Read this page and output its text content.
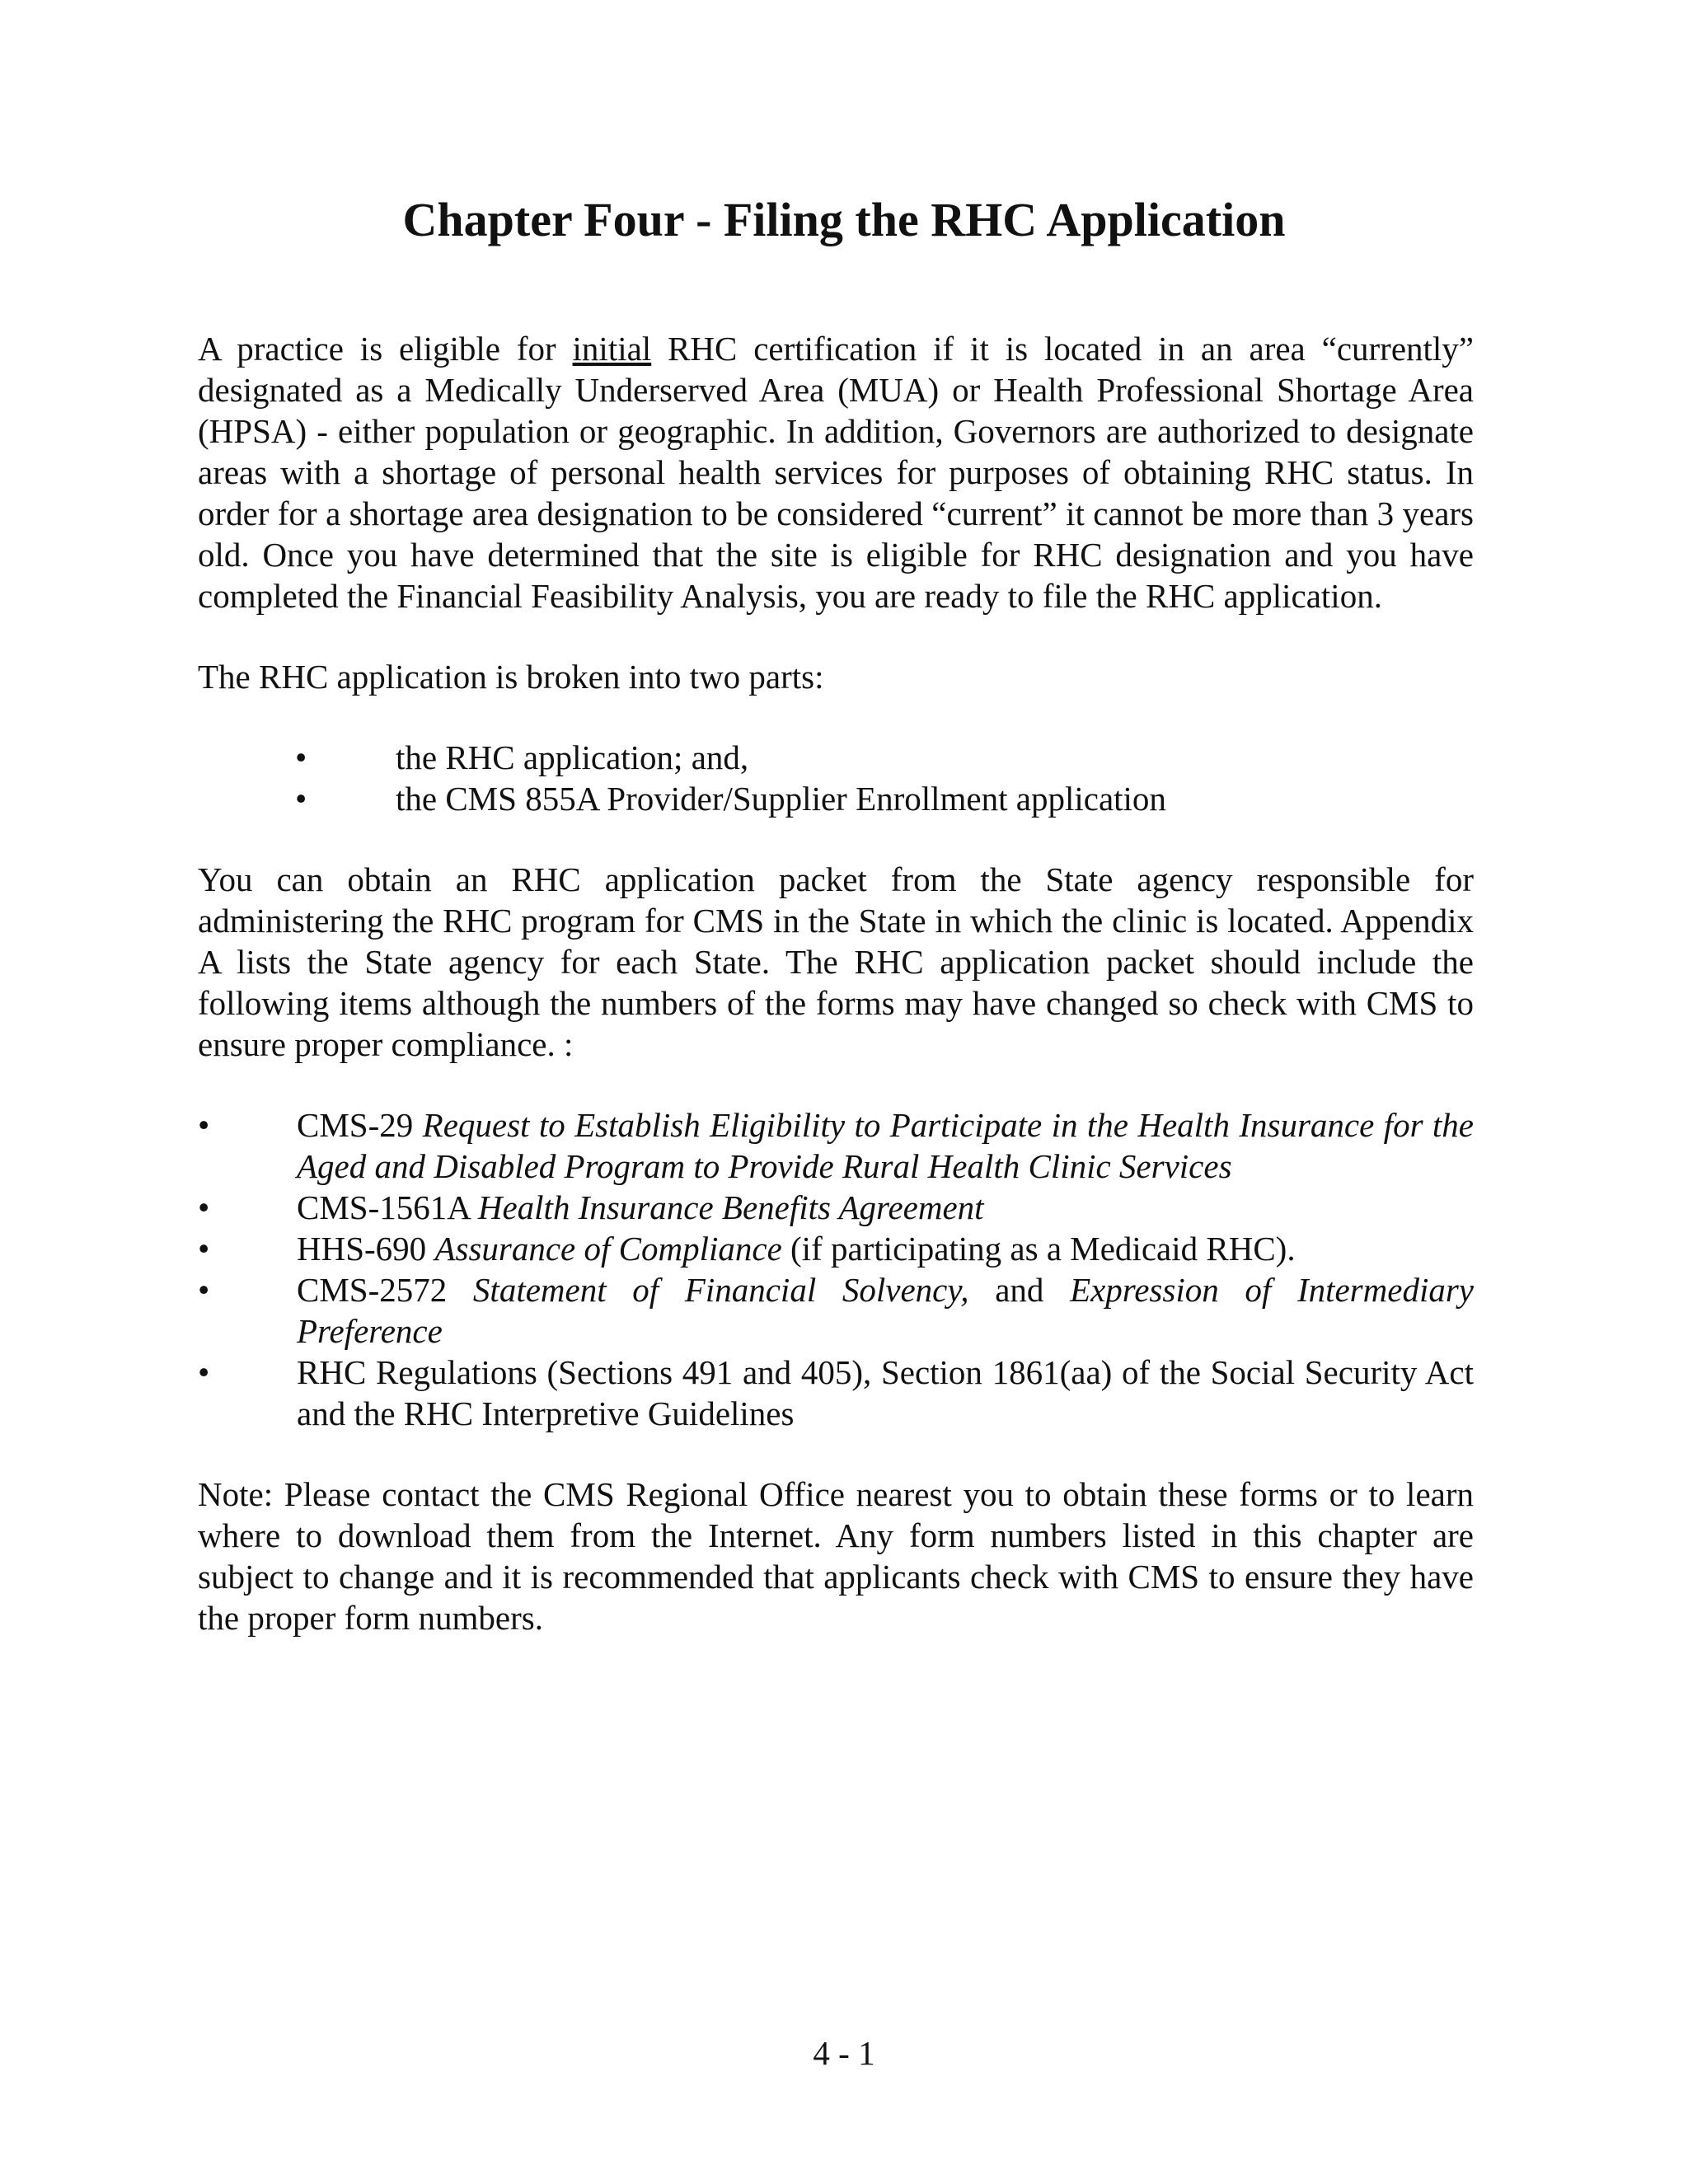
Chapter Four - Filing the RHC Application

A practice is eligible for initial RHC certification if it is located in an area “currently” designated as a Medically Underserved Area (MUA) or Health Professional Shortage Area (HPSA) - either population or geographic. In addition, Governors are authorized to designate areas with a shortage of personal health services for purposes of obtaining RHC status. In order for a shortage area designation to be considered “current” it cannot be more than 3 years old. Once you have determined that the site is eligible for RHC designation and you have completed the Financial Feasibility Analysis, you are ready to file the RHC application.

The RHC application is broken into two parts:

•	the RHC application; and,
•	the CMS 855A Provider/Supplier Enrollment application

You can obtain an RHC application packet from the State agency responsible for administering the RHC program for CMS in the State in which the clinic is located. Appendix A lists the State agency for each State. The RHC application packet should include the following items although the numbers of the forms may have changed so check with CMS to ensure proper compliance. :

•	CMS-29 Request to Establish Eligibility to Participate in the Health Insurance for the Aged and Disabled Program to Provide Rural Health Clinic Services
•	CMS-1561A Health Insurance Benefits Agreement
•	HHS-690 Assurance of Compliance (if participating as a Medicaid RHC).
•	CMS-2572 Statement of Financial Solvency, and Expression of Intermediary Preference
•	RHC Regulations (Sections 491 and 405), Section 1861(aa) of the Social Security Act and the RHC Interpretive Guidelines

Note: Please contact the CMS Regional Office nearest you to obtain these forms or to learn where to download them from the Internet. Any form numbers listed in this chapter are subject to change and it is recommended that applicants check with CMS to ensure they have the proper form numbers.

4 - 1
